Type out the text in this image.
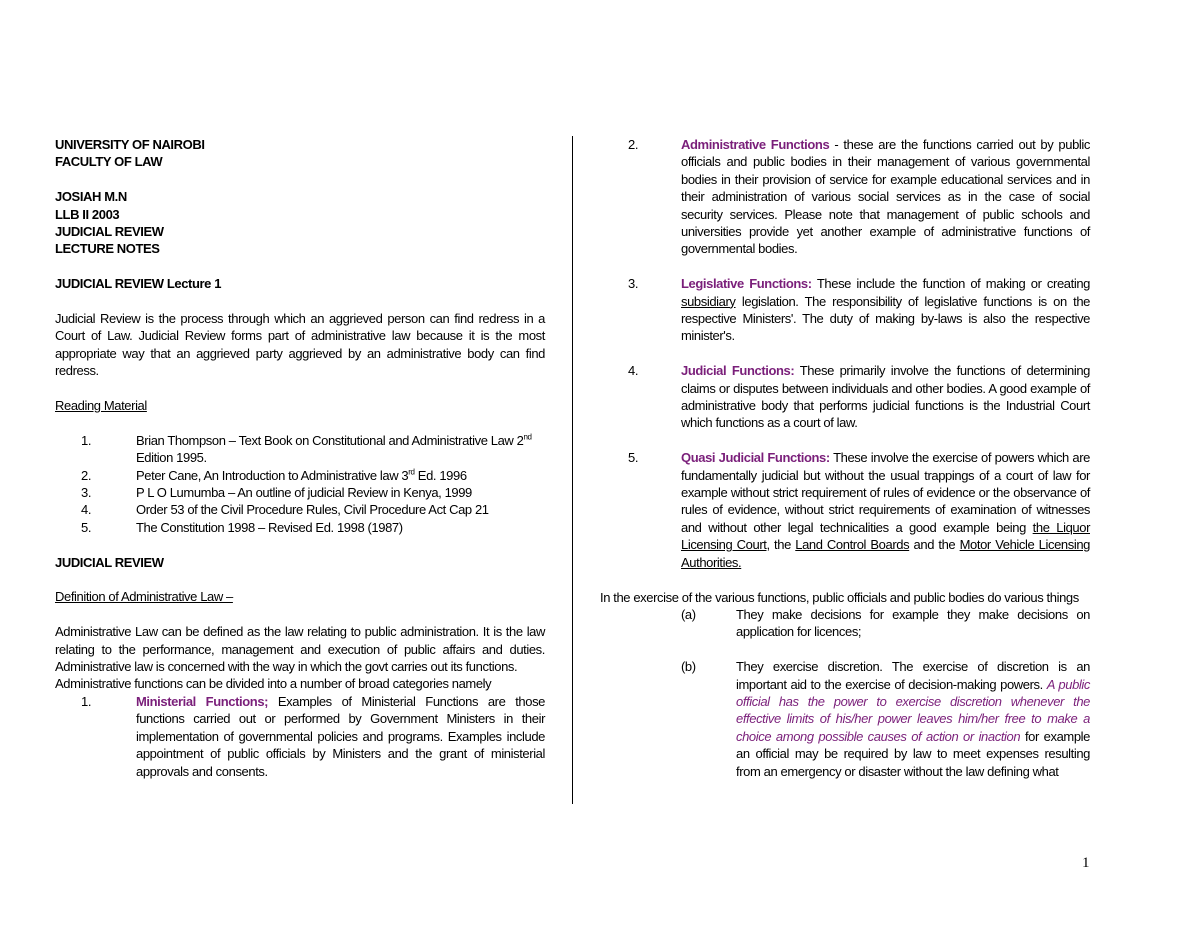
UNIVERSITY OF NAIROBI
FACULTY OF LAW
JOSIAH M.N
LLB II 2003
JUDICIAL REVIEW
LECTURE NOTES
JUDICIAL REVIEW Lecture 1
Judicial Review is the process through which an aggrieved person can find redress in a Court of Law. Judicial Review forms part of administrative law because it is the most appropriate way that an aggrieved party aggrieved by an administrative body can find redress.
Reading Material
1.	Brian Thompson – Text Book on Constitutional and Administrative Law 2nd Edition 1995.
2.	Peter Cane, An Introduction to Administrative law 3rd Ed. 1996
3.	P L O Lumumba – An outline of judicial Review in Kenya, 1999
4.	Order 53 of the Civil Procedure Rules, Civil Procedure Act Cap 21
5.	The Constitution 1998 – Revised Ed. 1998 (1987)
JUDICIAL REVIEW
Definition of Administrative Law –
Administrative Law can be defined as the law relating to public administration. It is the law relating to the performance, management and execution of public affairs and duties. Administrative law is concerned with the way in which the govt carries out its functions.
Administrative functions can be divided into a number of broad categories namely
1.	Ministerial Functions; Examples of Ministerial Functions are those functions carried out or performed by Government Ministers in their implementation of governmental policies and programs. Examples include appointment of public officials by Ministers and the grant of ministerial approvals and consents.
2.	Administrative Functions - these are the functions carried out by public officials and public bodies in their management of various governmental bodies in their provision of service for example educational services and in their administration of various social services as in the case of social security services. Please note that management of public schools and universities provide yet another example of administrative functions of governmental bodies.
3.	Legislative Functions: These include the function of making or creating subsidiary legislation. The responsibility of legislative functions is on the respective Ministers'. The duty of making by-laws is also the respective minister's.
4.	Judicial Functions: These primarily involve the functions of determining claims or disputes between individuals and other bodies. A good example of administrative body that performs judicial functions is the Industrial Court which functions as a court of law.
5.	Quasi Judicial Functions: These involve the exercise of powers which are fundamentally judicial but without the usual trappings of a court of law for example without strict requirement of rules of evidence or the observance of rules of evidence, without strict requirements of examination of witnesses and without other legal technicalities a good example being the Liquor Licensing Court, the Land Control Boards and the Motor Vehicle Licensing Authorities.
In the exercise of the various functions, public officials and public bodies do various things
(a)	They make decisions for example they make decisions on application for licences;
(b)	They exercise discretion. The exercise of discretion is an important aid to the exercise of decision-making powers. A public official has the power to exercise discretion whenever the effective limits of his/her power leaves him/her free to make a choice among possible causes of action or inaction for example an official may be required by law to meet expenses resulting from an emergency or disaster without the law defining what
1
